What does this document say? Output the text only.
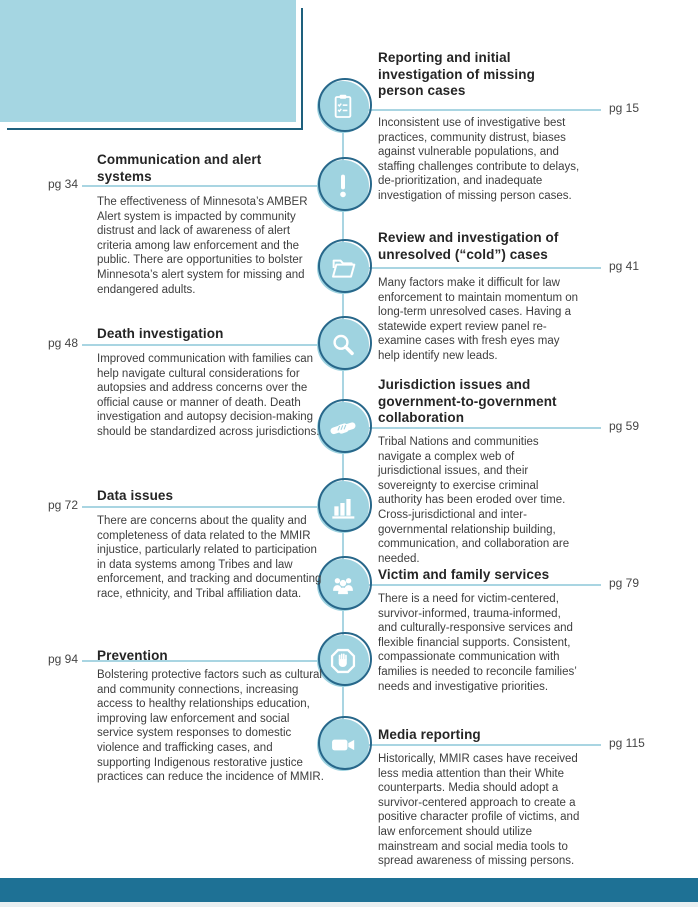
pg 15
pg 34
pg 41
pg 48
pg 59
pg 72
pg 79
pg 94
pg 115
Reporting and initial investigation of missing person cases
Inconsistent use of investigative best practices, community distrust, biases against vulnerable populations, and staffing challenges contribute to delays, de-prioritization, and inadequate investigation of missing person cases.
Review and investigation of unresolved (“cold”) cases
Many factors make it difficult for law enforcement to maintain momentum on long-term unresolved cases. Having a statewide expert review panel re-examine cases with fresh eyes may help identify new leads.
Jurisdiction issues and government-to-government collaboration
Tribal Nations and communities navigate a complex web of jurisdictional issues, and their sovereignty to exercise criminal authority has been eroded over time. Cross-jurisdictional and inter-governmental relationship building, communication, and collaboration are needed.
Victim and family services
There is a need for victim-centered, survivor-informed, trauma-informed, and culturally-responsive services and flexible financial supports. Consistent, compassionate communication with families is needed to reconcile families’ needs and investigative priorities.
Media reporting
Historically, MMIR cases have received less media attention than their White counterparts. Media should adopt a survivor-centered approach to create a positive character profile of victims, and law enforcement should utilize mainstream and social media tools to spread awareness of missing persons.
Communication and alert systems
The effectiveness of Minnesota’s AMBER Alert system is impacted by community distrust and lack of awareness of alert criteria among law enforcement and the public. There are opportunities to bolster Minnesota’s alert system for missing and endangered adults.
Death investigation
Improved communication with families can help navigate cultural considerations for autopsies and address concerns over the official cause or manner of death. Death investigation and autopsy decision-making should be standardized across jurisdictions.
Data issues
There are concerns about the quality and completeness of data related to the MMIR injustice, particularly related to participation in data systems among Tribes and law enforcement, and tracking and documenting race, ethnicity, and Tribal affiliation data.
Prevention
Bolstering protective factors such as cultural and community connections, increasing access to healthy relationships education, improving law enforcement and social service system responses to domestic violence and trafficking cases, and supporting Indigenous restorative justice practices can reduce the incidence of MMIR.
